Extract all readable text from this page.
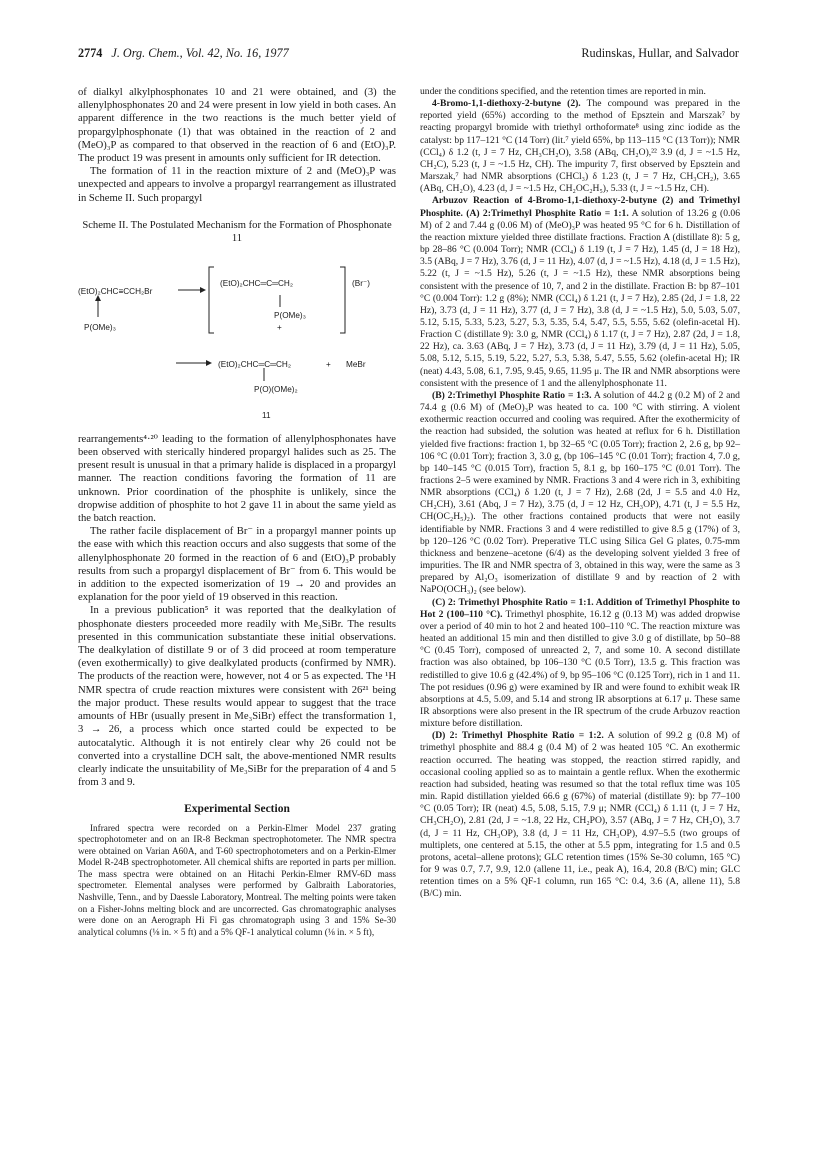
2774 J. Org. Chem., Vol. 42, No. 16, 1977	Rudinskas, Hullar, and Salvador

of dialkyl alkylphosphonates 10 and 21 were obtained, and (3) the allenylphosphonates 20 and 24 were present in low yield in both cases. An apparent difference in the two reactions is the much better yield of propargylphosphonate (1) that was obtained in the reaction of 2 and (MeO)₃P as compared to that observed in the reaction of 6 and (EtO)₃P. The product 19 was present in amounts only sufficient for IR detection.

The formation of 11 in the reaction mixture of 2 and (MeO)₃P was unexpected and appears to involve a propargyl rearrangement as illustrated in Scheme II. Such propargyl

Scheme II. The Postulated Mechanism for the Formation of Phosphonate 11
(EtO)₂CHC≡CCH₂Br
P(OMe)₃
(EtO)₂CHC═C═CH₂
P(OMe)₃
+
(Br⁻)
(EtO)₂CHC═C═CH₂
P(O)(OMe)₂
+ MeBr
11

rearrangements⁴·²⁰ leading to the formation of allenylphosphonates have been observed with sterically hindered propargyl halides such as 25. The present result is unusual in that a primary halide is displaced in a propargyl manner. The reaction conditions favoring the formation of 11 are unknown. Prior coordination of the phosphite is unlikely, since the dropwise addition of phosphite to hot 2 gave 11 in about the same yield as the batch reaction.

The rather facile displacement of Br⁻ in a propargyl manner points up the ease with which this reaction occurs and also suggests that some of the allenylphosphonate 20 formed in the reaction of 6 and (EtO)₃P probably results from such a propargyl displacement of Br⁻ from 6. This would be in addition to the expected isomerization of 19 → 20 and provides an explanation for the poor yield of 19 observed in this reaction.

In a previous publication⁵ it was reported that the dealkylation of phosphonate diesters proceeded more readily with Me₃SiBr. The results presented in this communication substantiate these initial observations. The dealkylation of distillate 9 or of 3 did proceed at room temperature (even exothermically) to give dealkylated products (confirmed by NMR). The products of the reaction were, however, not 4 or 5 as expected. The ¹H NMR spectra of crude reaction mixtures were consistent with 26²¹ being the major product. These results would appear to suggest that the trace amounts of HBr (usually present in Me₃SiBr) effect the transformation 1, 3 → 26, a process which once started could be expected to be autocatalytic. Although it is not entirely clear why 26 could not be converted into a crystalline DCH salt, the above-mentioned NMR results clearly indicate the unsuitability of Me₃SiBr for the preparation of 4 and 5 from 3 and 9.

Experimental Section

Infrared spectra were recorded on a Perkin-Elmer Model 237 grating spectrophotometer and on an IR-8 Beckman spectrophotometer. The NMR spectra were obtained on Varian A60A, and T-60 spectrophotometers and on a Perkin-Elmer Model R-24B spectrophotometer. All chemical shifts are reported in parts per million. The mass spectra were obtained on an Hitachi Perkin-Elmer RMV-6D mass spectrometer. Elemental analyses were performed by Galbraith Laboratories, Nashville, Tenn., and by Daessle Laboratory, Montreal. The melting points were taken on a Fisher-Johns melting block and are uncorrected. Gas chromatographic analyses were done on an Aerograph Hi Fi gas chromatograph using 3 and 15% Se-30 analytical columns (⅛ in. × 5 ft) and a 5% QF-1 analytical column (⅛ in. × 5 ft),

under the conditions specified, and the retention times are reported in min.

4-Bromo-1,1-diethoxy-2-butyne (2). The compound was prepared in the reported yield (65%) according to the method of Epsztein and Marszak⁷ by reacting propargyl bromide with triethyl orthoformate⁸ using zinc iodide as the catalyst: bp 117–121 °C (14 Torr) (lit.⁷ yield 65%, bp 113–115 °C (13 Torr)); NMR (CCl₄) δ 1.2 (t, J = 7 Hz, CH₃CH₂O), 3.58 (ABq, CH₂O),²² 3.9 (d, J = ~1.5 Hz, CH₂C), 5.23 (t, J = ~1.5 Hz, CH). The impurity 7, first observed by Epsztein and Marszak,⁷ had NMR absorptions (CHCl₃) δ 1.23 (t, J = 7 Hz, CH₃CH₂), 3.65 (ABq, CH₂O), 4.23 (d, J = ~1.5 Hz, CH₂OC₂H₅), 5.33 (t, J = ~1.5 Hz, CH).

Arbuzov Reaction of 4-Bromo-1,1-diethoxy-2-butyne (2) and Trimethyl Phosphite. (A) 2:Trimethyl Phosphite Ratio = 1:1. A solution of 13.26 g (0.06 M) of 2 and 7.44 g (0.06 M) of (MeO)₃P was heated 95 °C for 6 h. Distillation of the reaction mixture yielded three distillate fractions. Fraction A (distillate 8): 5 g, bp 28–86 °C (0.004 Torr); NMR (CCl₄) δ 1.19 (t, J = 7 Hz), 1.45 (d, J = 18 Hz), 3.5 (ABq, J = 7 Hz), 3.76 (d, J = 11 Hz), 4.07 (d, J = ~1.5 Hz), 4.18 (d, J = 1.5 Hz), 5.22 (t, J = ~1.5 Hz), 5.26 (t, J = ~1.5 Hz), these NMR absorptions being consistent with the presence of 10, 7, and 2 in the distillate. Fraction B: bp 87–101 °C (0.004 Torr): 1.2 g (8%); NMR (CCl₄) δ 1.21 (t, J = 7 Hz), 2.85 (2d, J = 1.8, 22 Hz), 3.73 (d, J = 11 Hz), 3.77 (d, J = 7 Hz), 3.8 (d, J = ~1.5 Hz), 5.0, 5.03, 5.07, 5.12, 5.15, 5.33, 5.23, 5.27, 5.3, 5.35, 5.4, 5.47, 5.5, 5.55, 5.62 (olefin-acetal H). Fraction C (distillate 9): 3.0 g, NMR (CCl₄) δ 1.17 (t, J = 7 Hz), 2.87 (2d, J = 1.8, 22 Hz), ca. 3.63 (ABq, J = 7 Hz), 3.73 (d, J = 11 Hz), 3.79 (d, J = 11 Hz), 5.05, 5.08, 5.12, 5.15, 5.19, 5.22, 5.27, 5.3, 5.38, 5.47, 5.55, 5.62 (olefin-acetal H); IR (neat) 4.43, 5.08, 6.1, 7.95, 9.45, 9.65, 11.95 μ. The IR and NMR absorptions were consistent with the presence of 1 and the allenylphosphonate 11.

(B) 2:Trimethyl Phosphite Ratio = 1:3. A solution of 44.2 g (0.2 M) of 2 and 74.4 g (0.6 M) of (MeO)₃P was heated to ca. 100 °C with stirring. A violent exothermic reaction occurred and cooling was required. After the exothermicity of the reaction had subsided, the solution was heated at reflux for 6 h. Distillation yielded five fractions: fraction 1, bp 32–65 °C (0.05 Torr); fraction 2, 2.6 g, bp 92–106 °C (0.01 Torr); fraction 3, 3.0 g, (bp 106–145 °C (0.01 Torr); fraction 4, 7.0 g, bp 140–145 °C (0.015 Torr), fraction 5, 8.1 g, bp 160–175 °C (0.01 Torr). The fractions 2–5 were examined by NMR. Fractions 3 and 4 were rich in 3, exhibiting NMR absorptions (CCl₄) δ 1.20 (t, J = 7 Hz), 2.68 (2d, J = 5.5 and 4.0 Hz, CH₂CH), 3.61 (Abq, J = 7 Hz), 3.75 (d, J = 12 Hz, CH₃OP), 4.71 (t, J = 5.5 Hz, CH(OC₂H₅)₂). The other fractions contained products that were not easily identifiable by NMR. Fractions 3 and 4 were redistilled to give 8.5 g (17%) of 3, bp 120–126 °C (0.02 Torr). Preperative TLC using Silica Gel G plates, 0.75-mm thickness and benzene–acetone (6/4) as the developing solvent yielded 3 free of impurities. The IR and NMR spectra of 3, obtained in this way, were the same as 3 prepared by Al₂O₃ isomerization of distillate 9 and by reaction of 2 with NaPO(OCH₃)₂ (see below).

(C) 2: Trimethyl Phosphite Ratio = 1:1. Addition of Trimethyl Phosphite to Hot 2 (100–110 °C). Trimethyl phosphite, 16.12 g (0.13 M) was added dropwise over a period of 40 min to hot 2 and heated 100–110 °C. The reaction mixture was heated an additional 15 min and then distilled to give 3.0 g of distillate, bp 50–88 °C (0.45 Torr), composed of unreacted 2, 7, and some 10. A second distillate fraction was also obtained, bp 106–130 °C (0.5 Torr), 13.5 g. This fraction was redistilled to give 10.6 g (42.4%) of 9, bp 95–106 °C (0.125 Torr), rich in 1 and 11. The pot residues (0.96 g) were examined by IR and were found to exhibit weak IR absorptions at 4.5, 5.09, and 5.14 and strong IR absorptions at 6.17 μ. These same IR absorptions were also present in the IR spectrum of the crude Arbuzov reaction mixture before distillation.

(D) 2: Trimethyl Phosphite Ratio = 1:2. A solution of 99.2 g (0.8 M) of trimethyl phosphite and 88.4 g (0.4 M) of 2 was heated 105 °C. An exothermic reaction occurred. The heating was stopped, the reaction stirred rapidly, and occasional cooling applied so as to maintain a gentle reflux. When the exothermic reaction had subsided, heating was resumed so that the total reflux time was 105 min. Rapid distillation yielded 66.6 g (67%) of material (distillate 9): bp 77–100 °C (0.05 Torr); IR (neat) 4.5, 5.08, 5.15, 7.9 μ; NMR (CCl₄) δ 1.11 (t, J = 7 Hz, CH₃CH₂O), 2.81 (2d, J = ~1.8, 22 Hz, CH₂PO), 3.57 (ABq, J = 7 Hz, CH₂O), 3.7 (d, J = 11 Hz, CH₃OP), 3.8 (d, J = 11 Hz, CH₃OP), 4.97–5.5 (two groups of multiplets, one centered at 5.15, the other at 5.5 ppm, integrating for 1.5 and 0.5 protons, acetal–allene protons); GLC retention times (15% Se-30 column, 165 °C) for 9 was 0.7, 7.7, 9.9, 12.0 (allene 11, i.e., peak A), 16.4, 20.8 (B/C) min; GLC retention times on a 5% QF-1 column, run 165 °C: 0.4, 3.6 (A, allene 11), 5.8 (B/C) min.
